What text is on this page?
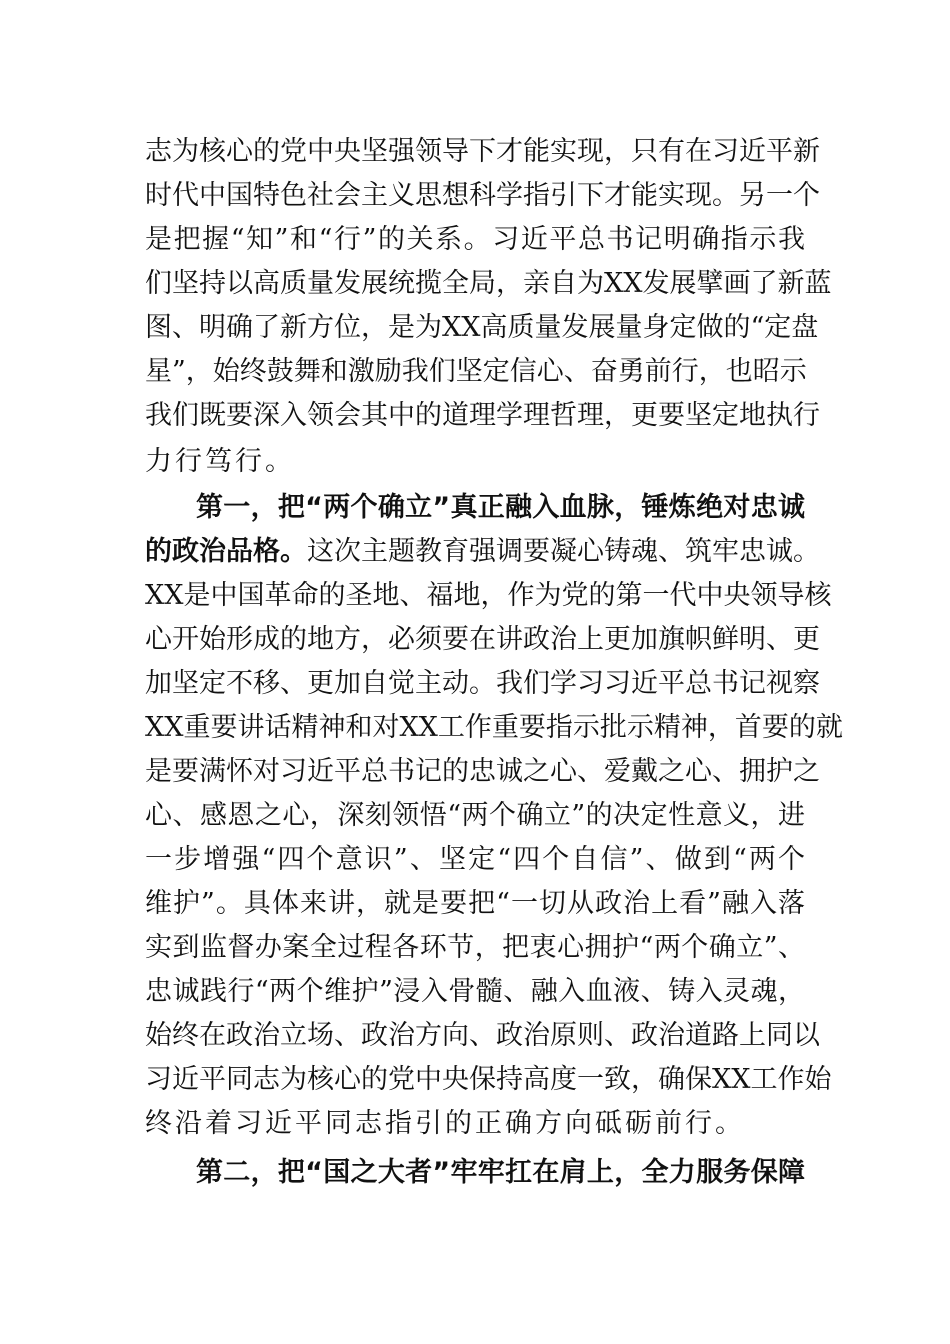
志为核心的党中央坚强领导下才能实现，只有在习近平新
时代中国特色社会主义思想科学指引下才能实现。另一个
是把握“知”和“行”的关系。习近平总书记明确指示我
们坚持以高质量发展统揽全局，亲自为XX发展擘画了新蓝
图、明确了新方位，是为XX高质量发展量身定做的“定盘
星”，始终鼓舞和激励我们坚定信心、奋勇前行，也昭示
我们既要深入领会其中的道理学理哲理，更要坚定地执行
力行笃行。
第一，把“两个确立”真正融入血脉，锤炼绝对忠诚
的政治品格。这次主题教育强调要凝心铸魂、筑牢忠诚。
XX是中国革命的圣地、福地，作为党的第一代中央领导核
心开始形成的地方，必须要在讲政治上更加旗帜鲜明、更
加坚定不移、更加自觉主动。我们学习习近平总书记视察
XX重要讲话精神和对XX工作重要指示批示精神，首要的就
是要满怀对习近平总书记的忠诚之心、爱戴之心、拥护之
心、感恩之心，深刻领悟“两个确立”的决定性意义，进
一步增强“四个意识”、坚定“四个自信”、做到“两个
维护”。具体来讲，就是要把“一切从政治上看”融入落
实到监督办案全过程各环节，把衷心拥护“两个确立”、
忠诚践行“两个维护”浸入骨髓、融入血液、铸入灵魂，
始终在政治立场、政治方向、政治原则、政治道路上同以
习近平同志为核心的党中央保持高度一致，确保XX工作始
终沿着习近平同志指引的正确方向砥砺前行。
第二，把“国之大者”牢牢扛在肩上，全力服务保障
